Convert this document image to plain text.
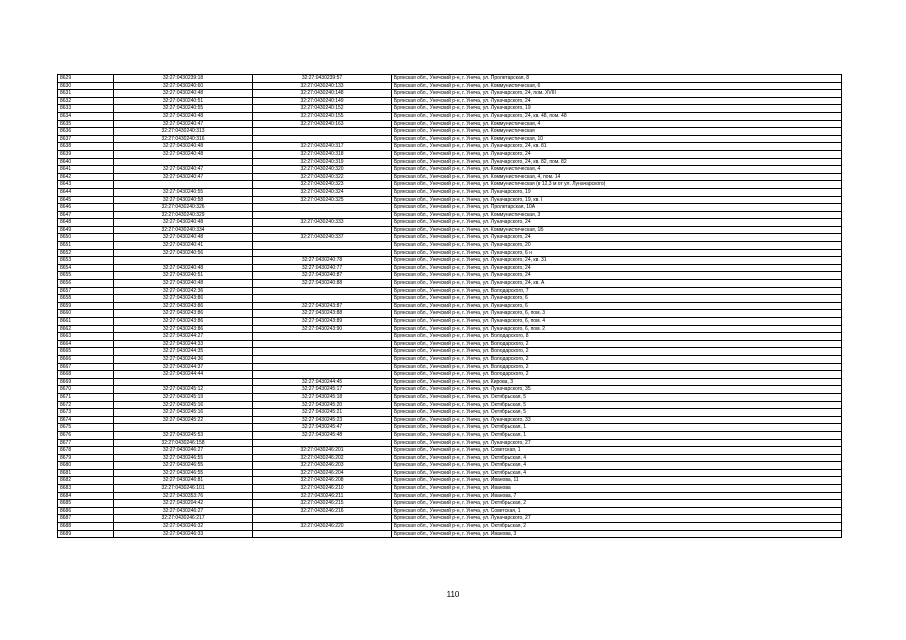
8629	32:27:0430239:18	32:27:0430239:57	Брянская обл., Унечский р-н, г. Унеча, ул. Пролетарская, 8
8630	32:27:0430240:60	32:27:0430240:133	Брянская обл., Унечский р-н, г. Унеча, ул. Коммунистическая, 6
8631	32:27:0430240:48	32:27:0430240:148	Брянская обл., Унечский р-н, г. Унеча, ул. Луначарского, 24, пом. XVIII
8632	32:27:0430240:51	32:27:0430240:149	Брянская обл., Унечский р-н, г. Унеча, ул. Луначарского, 24
8633	32:27:0430240:55	32:27:0430240:152	Брянская обл., Унечский р-н, г. Унеча, ул. Луначарского, 19
8634	32:27:0430240:48	32:27:0430240:155	Брянская обл., Унечский р-н, г. Унеча, ул. Луначарского, 24, кв. 48, пом. 48
8635	32:27:0430240:47	32:27:0430240:163	Брянская обл., Унечский р-н, г. Унеча, ул. Коммунистическая, 4
8636	32:27:0430240:313		Брянская обл., Унечский р-н, г. Унеча, ул. Коммунистическая
8637	32:27:0430240:316		Брянская обл., Унечский р-н, г. Унеча, ул. Коммунистическая, 10
8638	32:27:0430240:48	32:27:0430240:317	Брянская обл., Унечский р-н, г. Унеча, ул. Луначарского, 24, кв. 81
8639	32:27:0430240:48	32:27:0430240:318	Брянская обл., Унечский р-н, г. Унеча, ул. Луначарского, 24
8640		32:27:0430240:319	Брянская обл., Унечский р-н, г. Унеча, ул. Луначарского, 24, кв. 82, пом. 82
8641	32:27:0430240:47	32:27:0430240:320	Брянская обл., Унечский р-н, г. Унеча, ул. Коммунистическая, 4
8642	32:27:0430240:47	32:27:0430240:322	Брянская обл., Унечский р-н, г. Унеча, ул. Коммунистическая, 4, пом. 14
8643		32:27:0430240:323	Брянская обл., Унечский р-н, г. Унеча, ул. Коммунистическая (в 12,3 м от ул. Луначарского)
8644	32:27:0430240:55	32:27:0430240:324	Брянская обл., Унечский р-н, г. Унеча, ул. Луначарского, 19
8645	32:27:0430240:58	32:27:0430240:325	Брянская обл., Унечский р-н, г. Унеча, ул. Луначарского, 19, кв. I
8646	32:27:0430240:326		Брянская обл., Унечский р-н, г. Унеча, ул. Пролетарская, 10А
8647	32:27:0430240:329		Брянская обл., Унечский р-н, г. Унеча, ул. Коммунистическая, 3
8648	32:27:0430240:48	32:27:0430240:333	Брянская обл., Унечский р-н, г. Унеча, ул. Луначарского, 24
8649	32:27:0430240:334		Брянская обл., Унечский р-н, г. Унеча, ул. Коммунистическая, 1Б
8650	32:27:0430240:48	32:27:0430240:337	Брянская обл., Унечский р-н, г. Унеча, ул. Луначарского, 24
8651	32:27:0430240:41		Брянская обл., Унечский р-н, г. Унеча, ул. Луначарского, 20
8652	32:27:0430240:56		Брянская обл., Унечский р-н, г. Унеча, ул. Луначарского, 6 н
8653		32:27:0430240:78	Брянская обл., Унечский р-н, г. Унеча, ул. Луначарского, 24, кв. 31
8654	32:27:0430240:48	32:27:0430240:77	Брянская обл., Унечский р-н, г. Унеча, ул. Луначарского, 24
8655	32:27:0430240:51	32:27:0430240:87	Брянская обл., Унечский р-н, г. Унеча, ул. Луначарского, 24
8656	32:27:0430240:48	32:27:0430240:88	Брянская обл., Унечский р-н, г. Унеча, ул. Луначарского, 24, кв. А
8657	32:27:0430242:36		Брянская обл., Унечский р-н, г. Унеча, ул. Володарского, 7
8658	32:27:0430243:86		Брянская обл., Унечский р-н, г. Унеча, ул. Луначарского, 6
8659	32:27:0430243:86	32:27:0430243:87	Брянская обл., Унечский р-н, г. Унеча, ул. Луначарского, 6
8660	32:27:0430243:86	32:27:0430243:88	Брянская обл., Унечский р-н, г. Унеча, ул. Луначарского, 6, пом. 3
8661	32:27:0430243:86	32:27:0430243:89	Брянская обл., Унечский р-н, г. Унеча, ул. Луначарского, 6, пом. 4
8662	32:27:0430243:86	32:27:0430243:90	Брянская обл., Унечский р-н, г. Унеча, ул. Луначарского, 6, пом. 2
8663	32:27:0430244:27		Брянская обл., Унечский р-н, г. Унеча, ул. Володарского, 8
8664	32:27:0430244:33		Брянская обл., Унечский р-н, г. Унеча, ул. Володарского, 2
8665	32:27:0430244:35		Брянская обл., Унечский р-н, г. Унеча, ул. Володарского, 2
8666	32:27:0430244:36		Брянская обл., Унечский р-н, г. Унеча, ул. Володарского, 2
8667	32:27:0430244:37		Брянская обл., Унечский р-н, г. Унеча, ул. Володарского, 2
8668	32:27:0430244:44		Брянская обл., Унечский р-н, г. Унеча, ул. Володарского, 2
8669		32:27:0430244:45	Брянская обл., Унечский р-н, г. Унеча, ул. Кирова, 3
8670	32:27:0430245:12	32:27:0430245:17	Брянская обл., Унечский р-н, г. Унеча, ул. Луначарского, 35
8671	32:27:0430245:19	32:27:0430245:18	Брянская обл., Унечский р-н, г. Унеча, ул. Октябрьская, 5
8672	32:27:0430245:16	32:27:0430245:20	Брянская обл., Унечский р-н, г. Унеча, ул. Октябрьская, 5
8673	32:27:0430245:16	32:27:0430245:21	Брянская обл., Унечский р-н, г. Унеча, ул. Октябрьская, 5
8674	32:27:0430245:22	32:27:0430245:23	Брянская обл., Унечский р-н, г. Унеча, ул. Луначарского, 33
8675		32:27:0430245:47	Брянская обл., Унечский р-н, г. Унеча, ул. Октябрьская, 1
8676	32:27:0430245:53	32:27:0430245:48	Брянская обл., Унечский р-н, г. Унеча, ул. Октябрьская, 1
8677	32:27:0430246:158		Брянская обл., Унечский р-н, г. Унеча, ул. Луначарского, 27
8678	32:27:0430246:27	32:27:0430246:201	Брянская обл., Унечский р-н, г. Унеча, ул. Советская, 1
8679	32:27:0430246:55	32:27:0430246:202	Брянская обл., Унечский р-н, г. Унеча, ул. Октябрьская, 4
8680	32:27:0430246:55	32:27:0430246:203	Брянская обл., Унечский р-н, г. Унеча, ул. Октябрьская, 4
8681	32:27:0430246:55	32:27:0430246:204	Брянская обл., Унечский р-н, г. Унеча, ул. Октябрьская, 4
8682	32:27:0430246:81	32:27:0430246:208	Брянская обл., Унечский р-н, г. Унеча, ул. Иванова, 11
8683	32:27:0430246:101	32:27:0430246:210	Брянская обл., Унечский р-н, г. Унеча, ул. Иванова
8684	32:27:0430353:76	32:27:0430246:211	Брянская обл., Унечский р-н, г. Унеча, ул. Иванова, 7
8685	32:27:0430204:42	32:27:0430246:215	Брянская обл., Унечский р-н, г. Унеча, ул. Октябрьская, 2
8686	32:27:0430246:27	32:27:0430246:216	Брянская обл., Унечский р-н, г. Унеча, ул. Советская, 1
8687	32:27:0430246:217		Брянская обл., Унечский р-н, г. Унеча, ул. Луначарского, 27
8688	32:27:0430246:32	32:27:0430246:220	Брянская обл., Унечский р-н, г. Унеча, ул. Октябрьская, 2
8689	32:27:0430246:33		Брянская обл., Унечский р-н, г. Унеча, ул. Иванова, 3
110
